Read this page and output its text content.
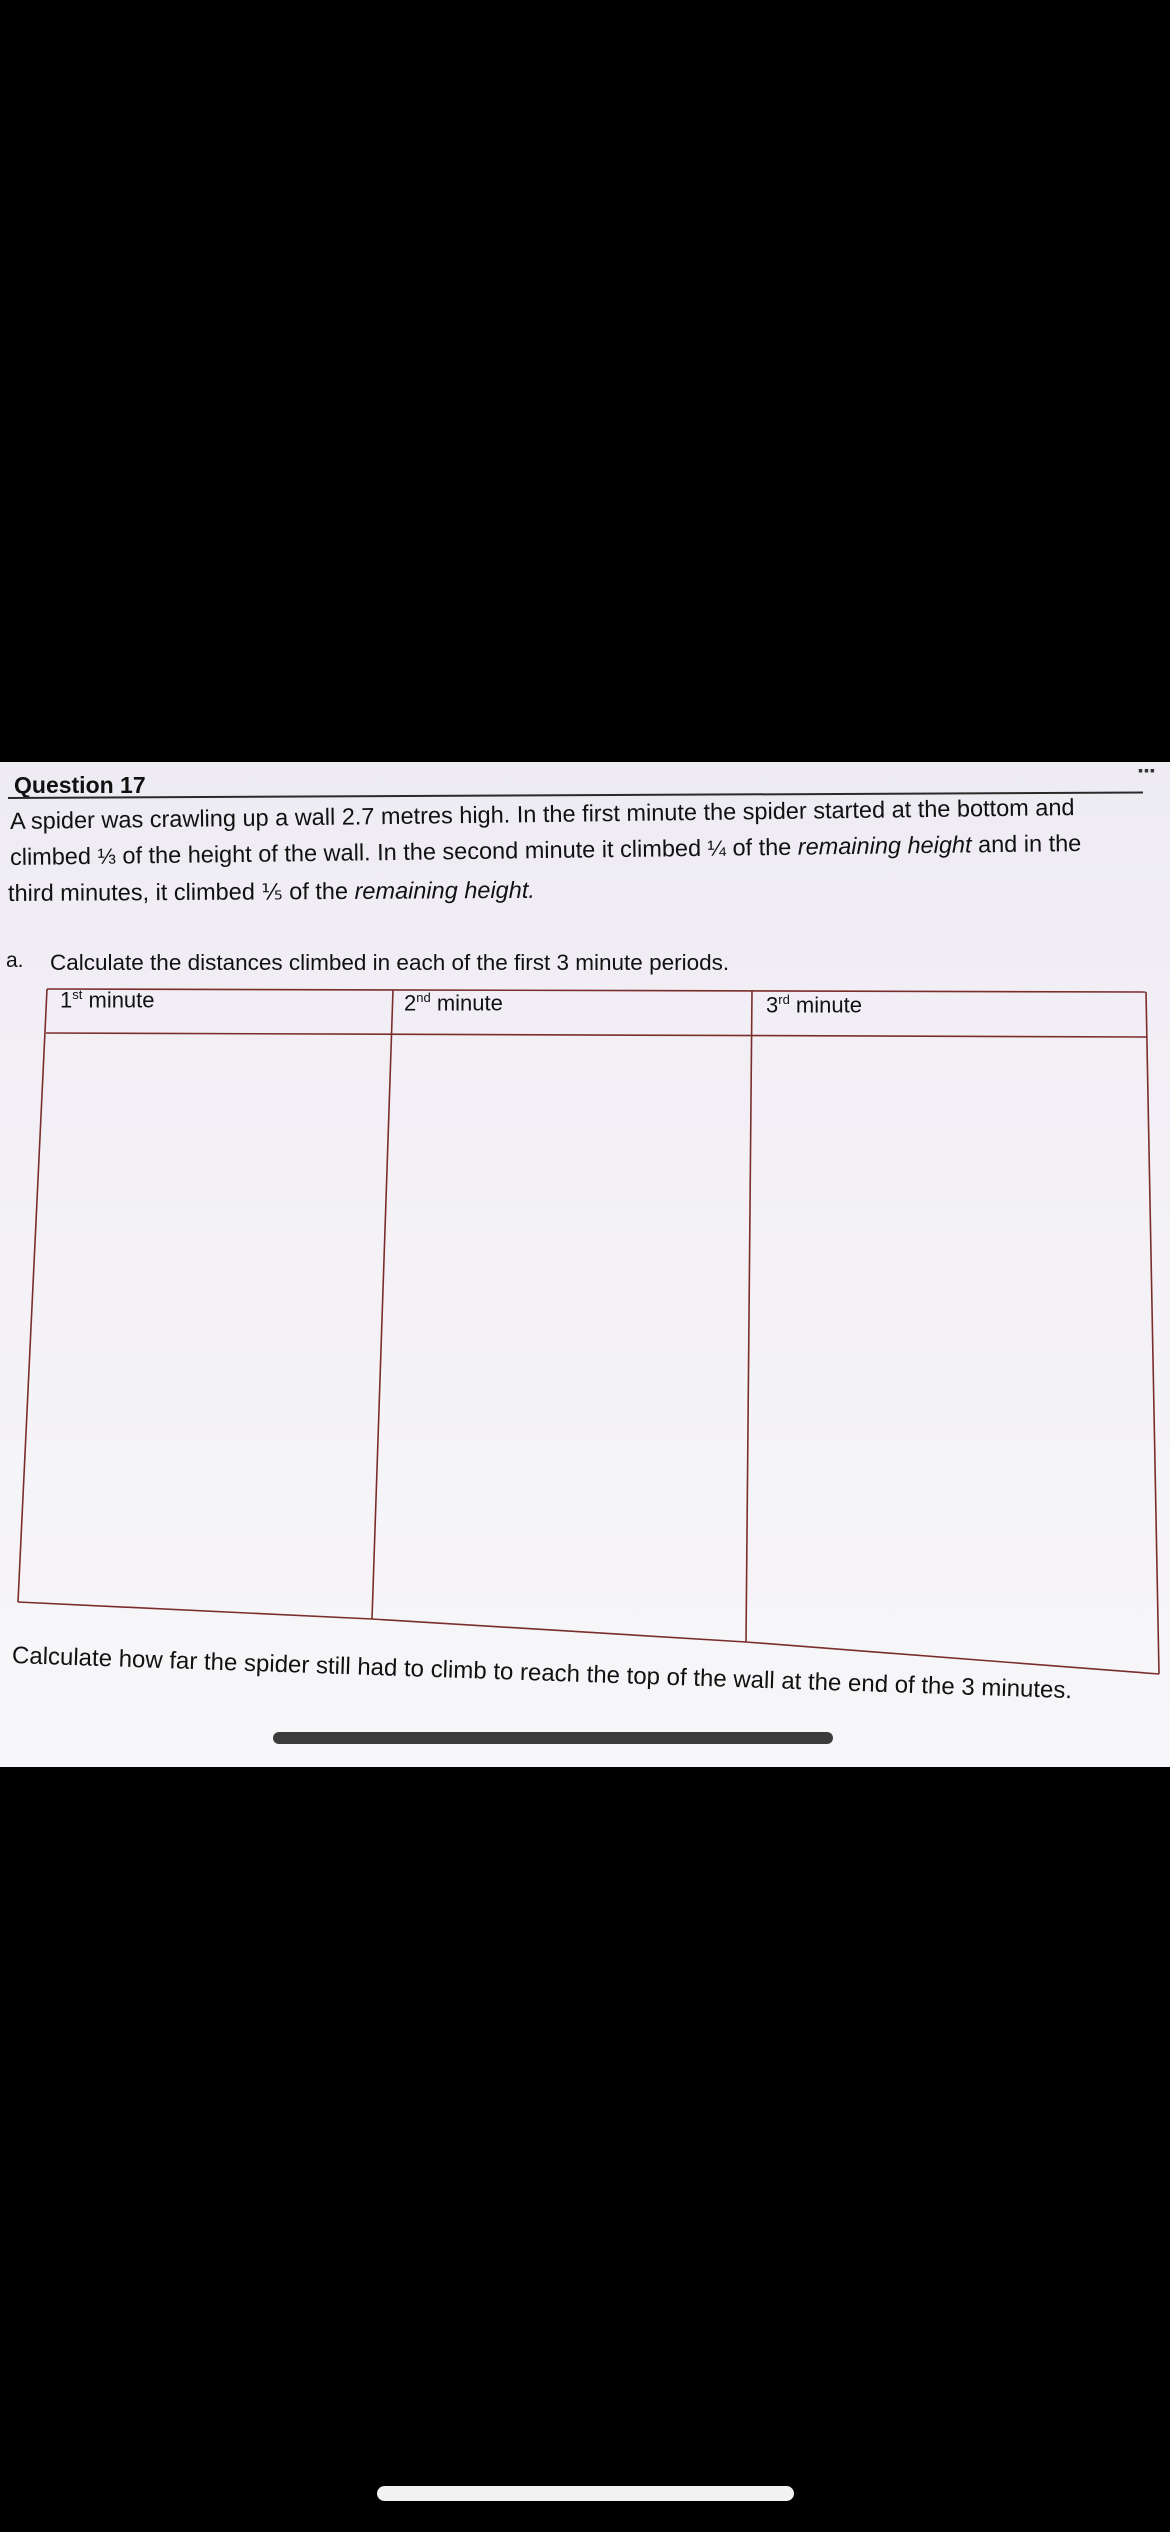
▪▪▪
Question 17
A spider was crawling up a wall 2.7 metres high. In the first minute the spider started at the bottom and
climbed ⅓ of the height of the wall. In the second minute it climbed ¼ of the remaining height and in the
third minutes, it climbed ⅕ of the remaining height.
a. Calculate the distances climbed in each of the first 3 minute periods.
1st minute	2nd minute	3rd minute
Calculate how far the spider still had to climb to reach the top of the wall at the end of the 3 minutes.
